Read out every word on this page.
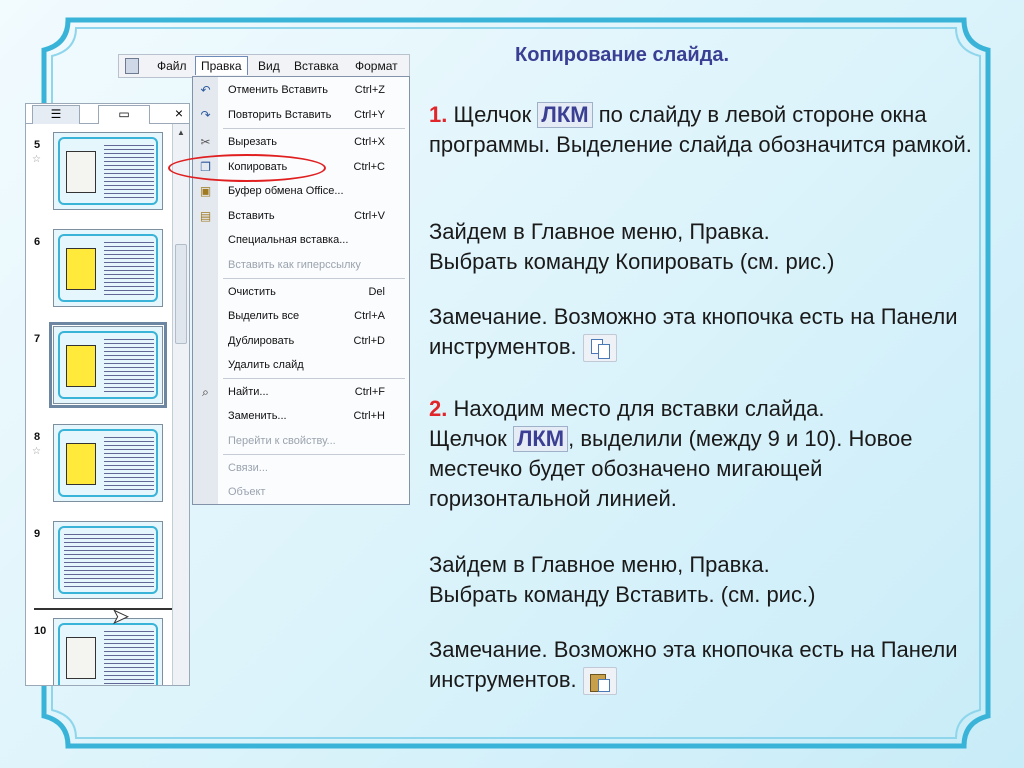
☰	▭	×
5
☆
6
7
8
☆
9
10
▲
➤
Файл	Правка	Вид Вставка Формат
↶ Отменить Вставить Ctrl+Z
↷ Повторить Вставить Ctrl+Y
✂ Вырезать	Ctrl+X
❐ Копировать	Ctrl+C
▣ Буфер обмена Office...
▤ Вставить	Ctrl+V
Специальная вставка...
Вставить как гиперссылку
Очистить	Del
Выделить все	Ctrl+A
Дублировать	Ctrl+D
Удалить слайд
⌕	Найти...	Ctrl+F
Заменить...	Ctrl+H
Перейти к свойству...
Связи...
Объект
Копирование слайда.
1. Щелчок ЛКМ по слайду в левой стороне окна программы. Выделение слайда обозначится рамкой.
Зайдем в Главное меню, Правка.
Выбрать команду Копировать (см. рис.)
Замечание. Возможно эта кнопочка есть на Панели инструментов.
2. Находим место для вставки слайда.
Щелчок ЛКМ , выделили (между 9 и 10). Новое местечко будет обозначено мигающей горизонтальной линией.
Зайдем в Главное меню, Правка.
Выбрать команду Вставить. (см. рис.)
Замечание. Возможно эта кнопочка есть на Панели инструментов.
